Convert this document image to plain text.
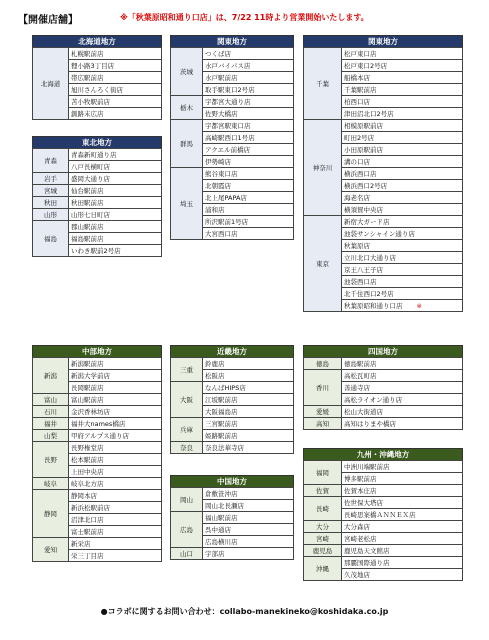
【開催店舗】	※「秋葉原昭和通り口店」は、7/22 11時より営業開始いたします。
北海道地方
北海道	札幌駅前店
狸小路3丁目店
帯広駅前店
旭川さんろく街店
苫小牧駅前店
釧路末広店
東北地方
青森	青森新町通り店
	八戸長横町店
岩手	盛岡大通り店
宮城	仙台駅前店
秋田	秋田駅前店
山形	山形七日町店
福島	郡山駅前店
	福島駅前店
	いわき駅前2号店
関東地方
茨城	つくば店
	水戸バイパス店
	水戸駅前店
	取手駅東口2号店
栃木	宇都宮大通り店
	佐野大橋店
群馬	宇都宮駅東口店
	高崎駅西口1号店
	アクエル前橋店
	伊勢崎店
埼玉	熊谷東口店
	北朝霞店
	北上尾PAPA店
	浦和店
	所沢駅前1号店
	大宮西口店
関東地方
千葉	松戸東口店
	松戸東口2号店
	船橋本店
	千葉駅前店
	柏西口店
	津田沼北口2号店
神奈川	相模原駅前店
	町田2号店
	小田原駅前店
	溝の口店
	横浜西口店
	横浜西口2号店
	海老名店
	横須賀中央店
東京	新宿大ガード店
	池袋サンシャイン通り店
	秋葉原店
	立川北口大通り店
	京王八王子店
	池袋西口店
	北千住西口2号店
	秋葉原昭和通り口店 ※
中部地方
新潟	新潟駅前店
	新潟大学前店
	長岡駅前店
富山	富山駅前店
石川	金沢香林坊店
福井	福井大names橋店
山梨	甲府アルプス通り店
長野	長野権堂店
	松本駅前店
	上田中央店
岐阜	岐阜北方店
静岡	静岡本店
	新浜松駅前店
	沼津北口店
	富士駅前店
愛知	新栄店
	栄三丁目店
近畿地方
三重	鈴鹿店
	松阪店
大阪	なんばHIPS店
	江坂駅前店
	大阪福島店
兵庫	三宮駅前店
	姫路駅前店
奈良	奈良法華寺店
中国地方
岡山	倉敷笹沖店
	岡山北長瀬店
広島	福山駅前店
	呉中通店
	広島横川店
山口	宇部店
四国地方
徳島	徳島駅前店
香川	高松瓦町店
	善通寺店
	高松ライオン通り店
愛媛	松山大街道店
高知	高知はりまや橋店
九州・沖縄地方
福岡	中洲川端駅前店
	博多駅前店
佐賀	佐賀本庄店
長崎	佐世保大塔店
	長崎思案橋ＡＮＮＥＸ店
大分	大分森店
宮崎	宮崎老松店
鹿児島	鹿児島天文館店
沖縄	那覇国際通り店
	久茂地店
●コラボに関するお問い合わせ：collabo-manekineko@koshidaka.co.jp
